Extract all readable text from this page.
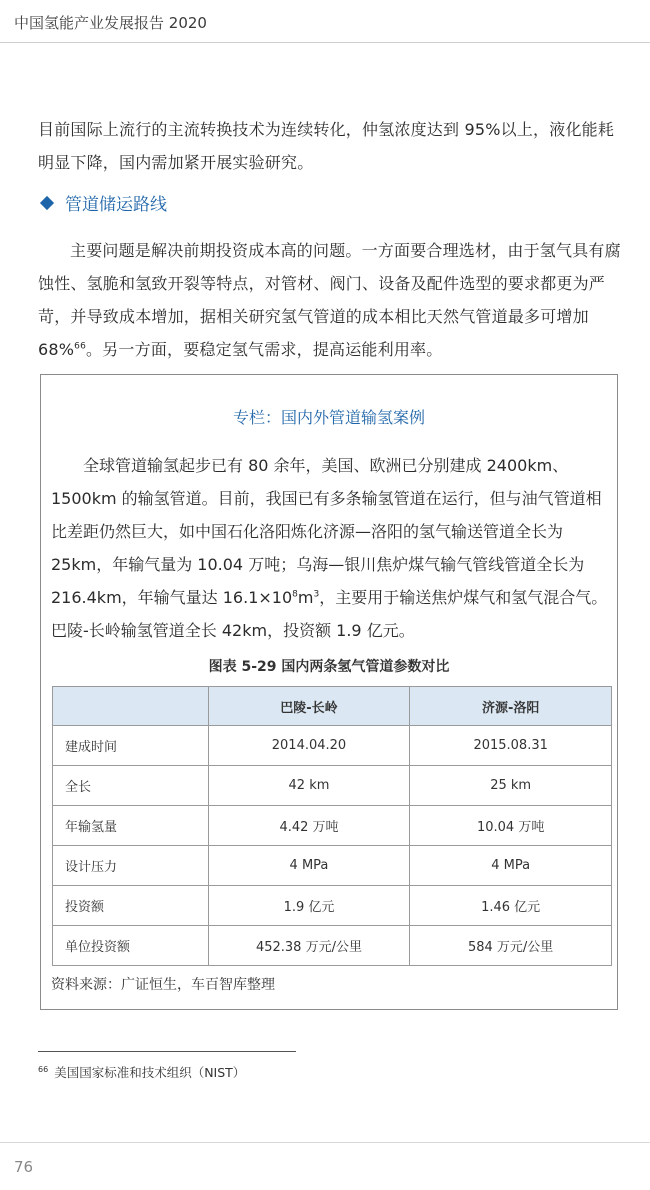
中国氢能产业发展报告 2020

目前国际上流行的主流转换技术为连续转化，仲氢浓度达到 95%以上，液化能耗明显下降，国内需加紧开展实验研究。

管道储运路线

主要问题是解决前期投资成本高的问题。一方面要合理选材，由于氢气具有腐蚀性、氢脆和氢致开裂等特点，对管材、阀门、设备及配件选型的要求都更为严苛，并导致成本增加，据相关研究氢气管道的成本相比天然气管道最多可增加 68%$^{66}$。另一方面，要稳定氢气需求，提高运能利用率。

专栏：国内外管道输氢案例

全球管道输氢起步已有 80 余年，美国、欧洲已分别建成 2400km、1500km 的输氢管道。目前，我国已有多条输氢管道在运行，但与油气管道相比差距仍然巨大，如中国石化洛阳炼化济源—洛阳的氢气输送管道全长为 25km，年输气量为 10.04 万吨；乌海—银川焦炉煤气输气管线管道全长为 216.4km，年输气量达 $16.1\times 10^8m^3$，主要用于输送焦炉煤气和氢气混合气。巴陵-长岭输氢管道全长 42km，投资额 1.9 亿元。

图表 5-29 国内两条氢气管道参数对比
	巴陵-长岭	济源-洛阳
建成时间	2014.04.20	2015.08.31
全长	42 km	25 km
年输氢量	4.42 万吨	10.04 万吨
设计压力	4 MPa	4 MPa
投资额	1.9 亿元	1.46 亿元
单位投资额	452.38 万元/公里	584 万元/公里
资料来源：广证恒生，车百智库整理
$^{66}$ 美国国家标准和技术组织（NIST）
76
